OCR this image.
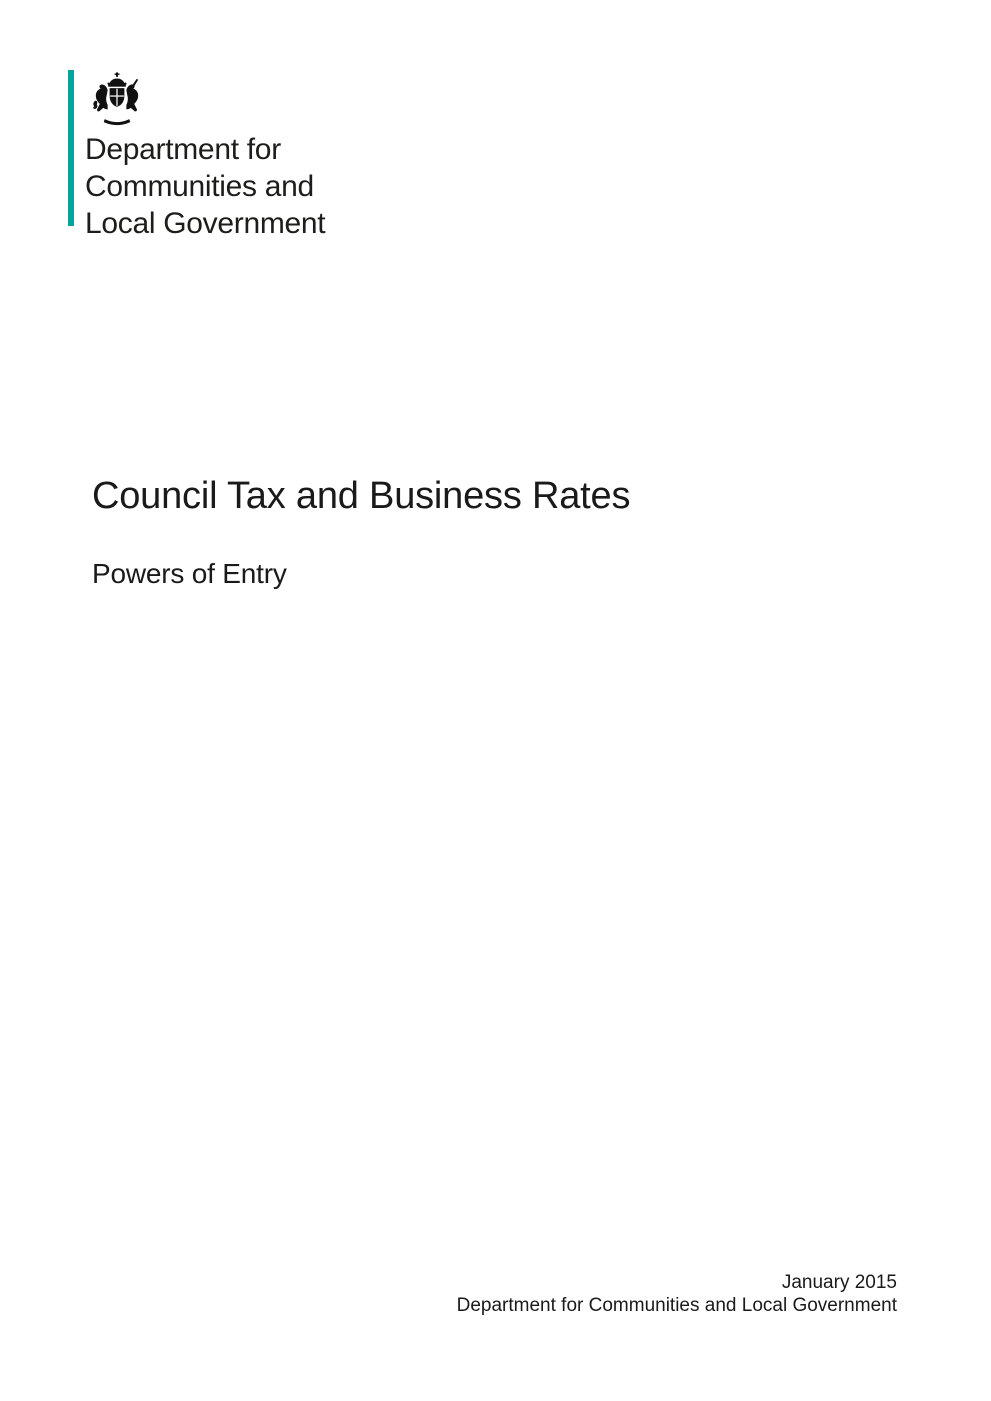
Department for
Communities and
Local Government
Council Tax and Business Rates
Powers of Entry
January 2015
Department for Communities and Local Government
